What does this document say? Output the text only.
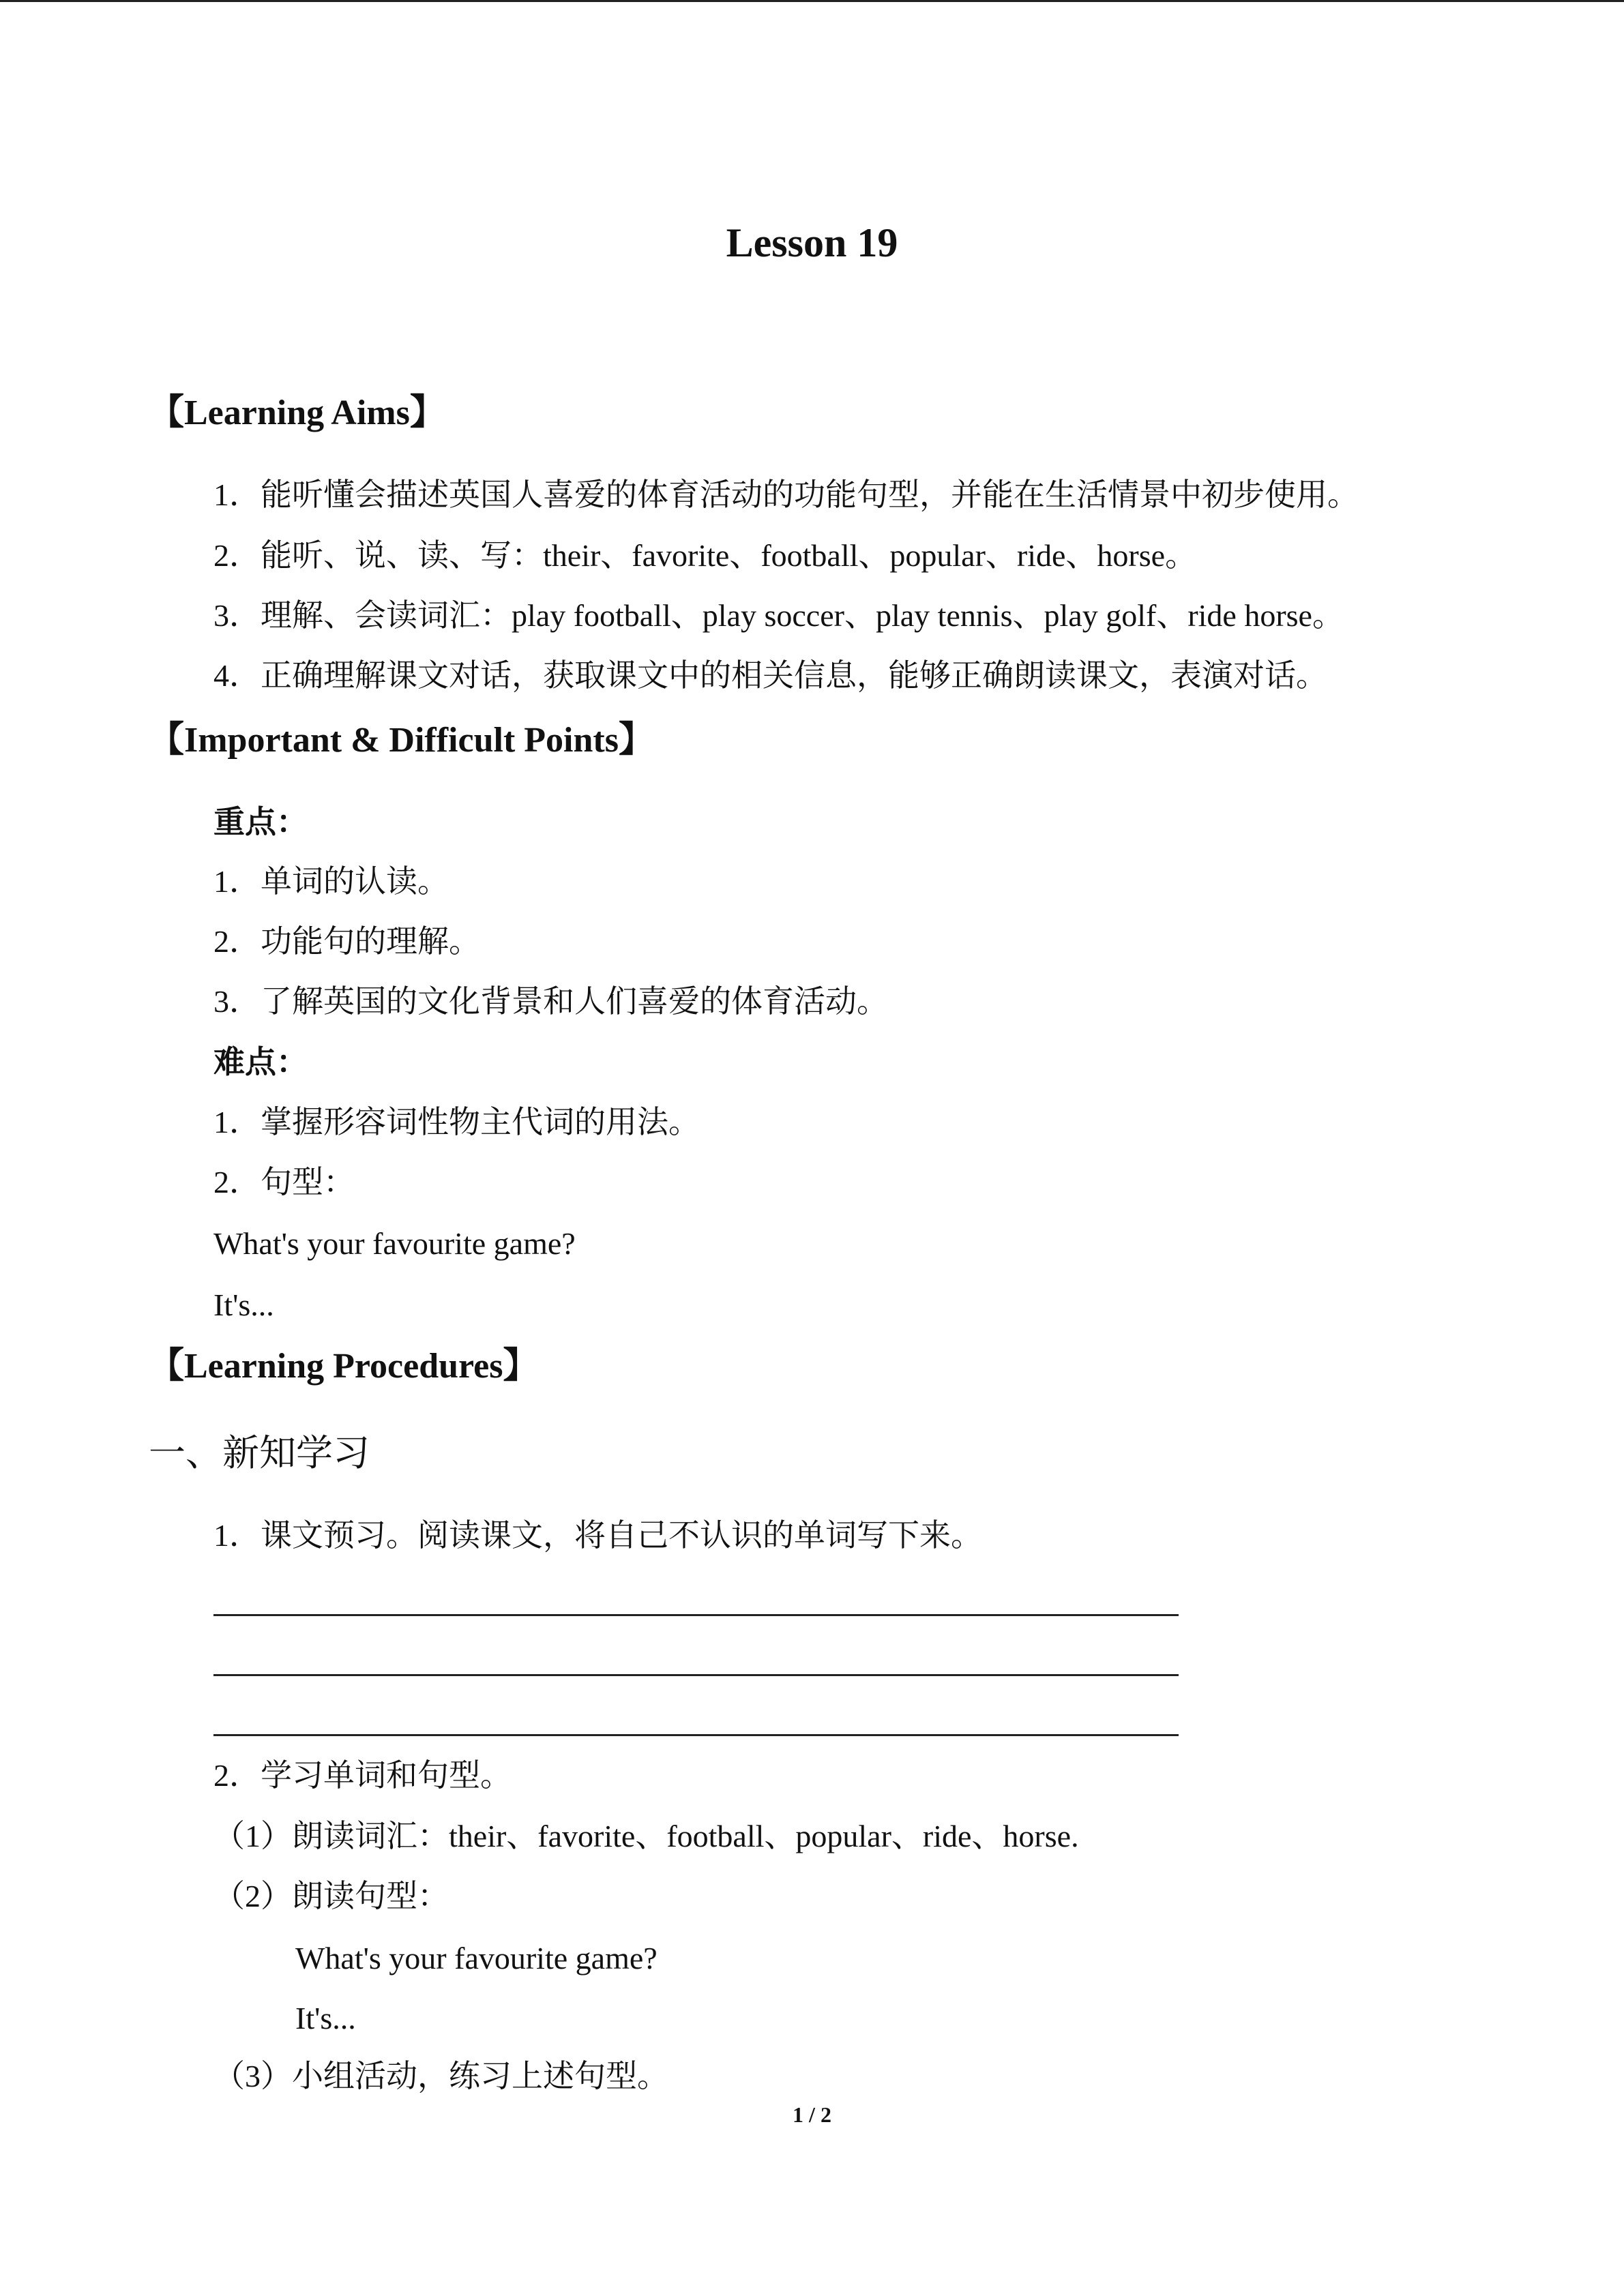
Lesson 19
【Learning Aims】
1．能听懂会描述英国人喜爱的体育活动的功能句型，并能在生活情景中初步使用。
2．能听、说、读、写：their、favorite、football、popular、ride、horse。
3．理解、会读词汇：play football、play soccer、play tennis、play golf、ride horse。
4．正确理解课文对话，获取课文中的相关信息，能够正确朗读课文，表演对话。
【Important & Difficult Points】
重点：
1．单词的认读。
2．功能句的理解。
3．了解英国的文化背景和人们喜爱的体育活动。
难点：
1．掌握形容词性物主代词的用法。
2．句型：
What's your favourite game?
It's...
【Learning Procedures】
一、新知学习
1．课文预习。阅读课文，将自己不认识的单词写下来。
2．学习单词和句型。
（1）朗读词汇：their、favorite、football、popular、ride、horse.
（2）朗读句型：
What's your favourite game?
It's...
（3）小组活动，练习上述句型。
1 / 2
